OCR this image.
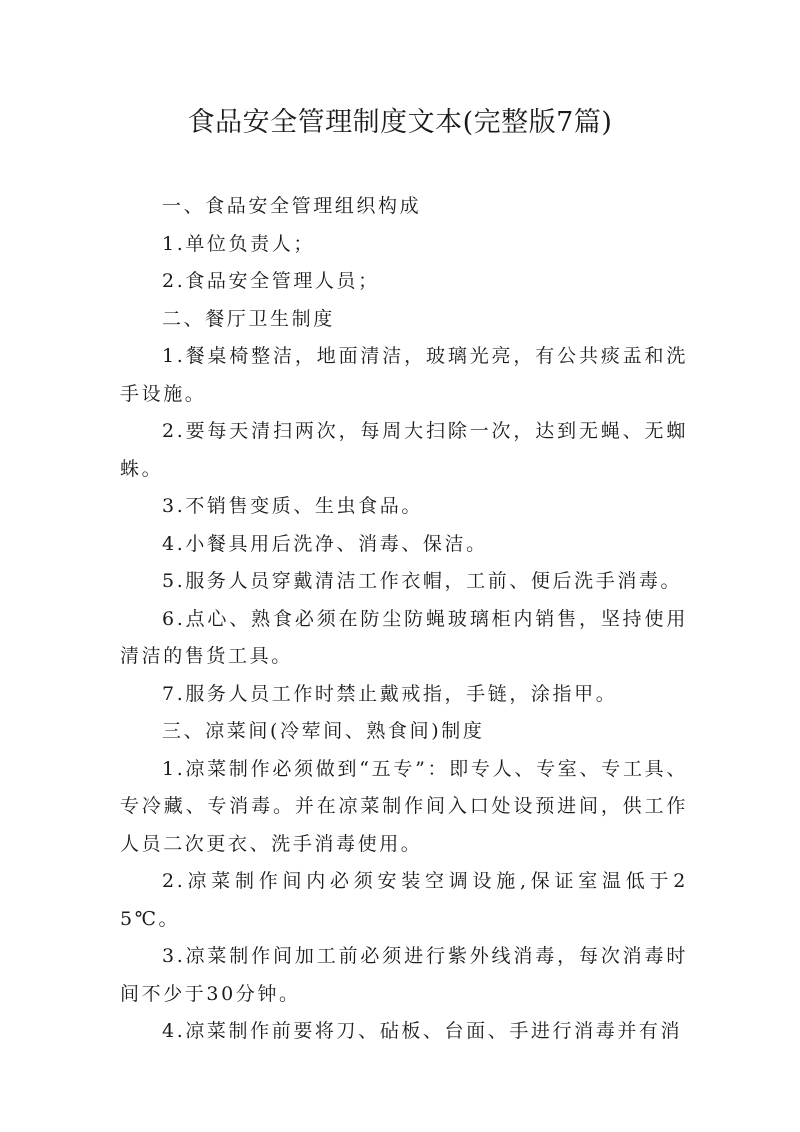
食品安全管理制度文本(完整版7篇)

一、食品安全管理组织构成

1.单位负责人；

2.食品安全管理人员；

二、餐厅卫生制度

1.餐桌椅整洁，地面清洁，玻璃光亮，有公共痰盂和洗手设施。

2.要每天清扫两次，每周大扫除一次，达到无蝇、无蜘蛛。

3.不销售变质、生虫食品。

4.小餐具用后洗净、消毒、保洁。

5.服务人员穿戴清洁工作衣帽，工前、便后洗手消毒。

6.点心、熟食必须在防尘防蝇玻璃柜内销售，坚持使用清洁的售货工具。

7.服务人员工作时禁止戴戒指，手链，涂指甲。

三、凉菜间(冷荤间、熟食间)制度

1.凉菜制作必须做到“五专”：即专人、专室、专工具、专冷藏、专消毒。并在凉菜制作间入口处设预进间，供工作人员二次更衣、洗手消毒使用。

2.凉菜制作间内必须安装空调设施,保证室温低于25℃。

3.凉菜制作间加工前必须进行紫外线消毒，每次消毒时间不少于30分钟。

4.凉菜制作前要将刀、砧板、台面、手进行消毒并有消
